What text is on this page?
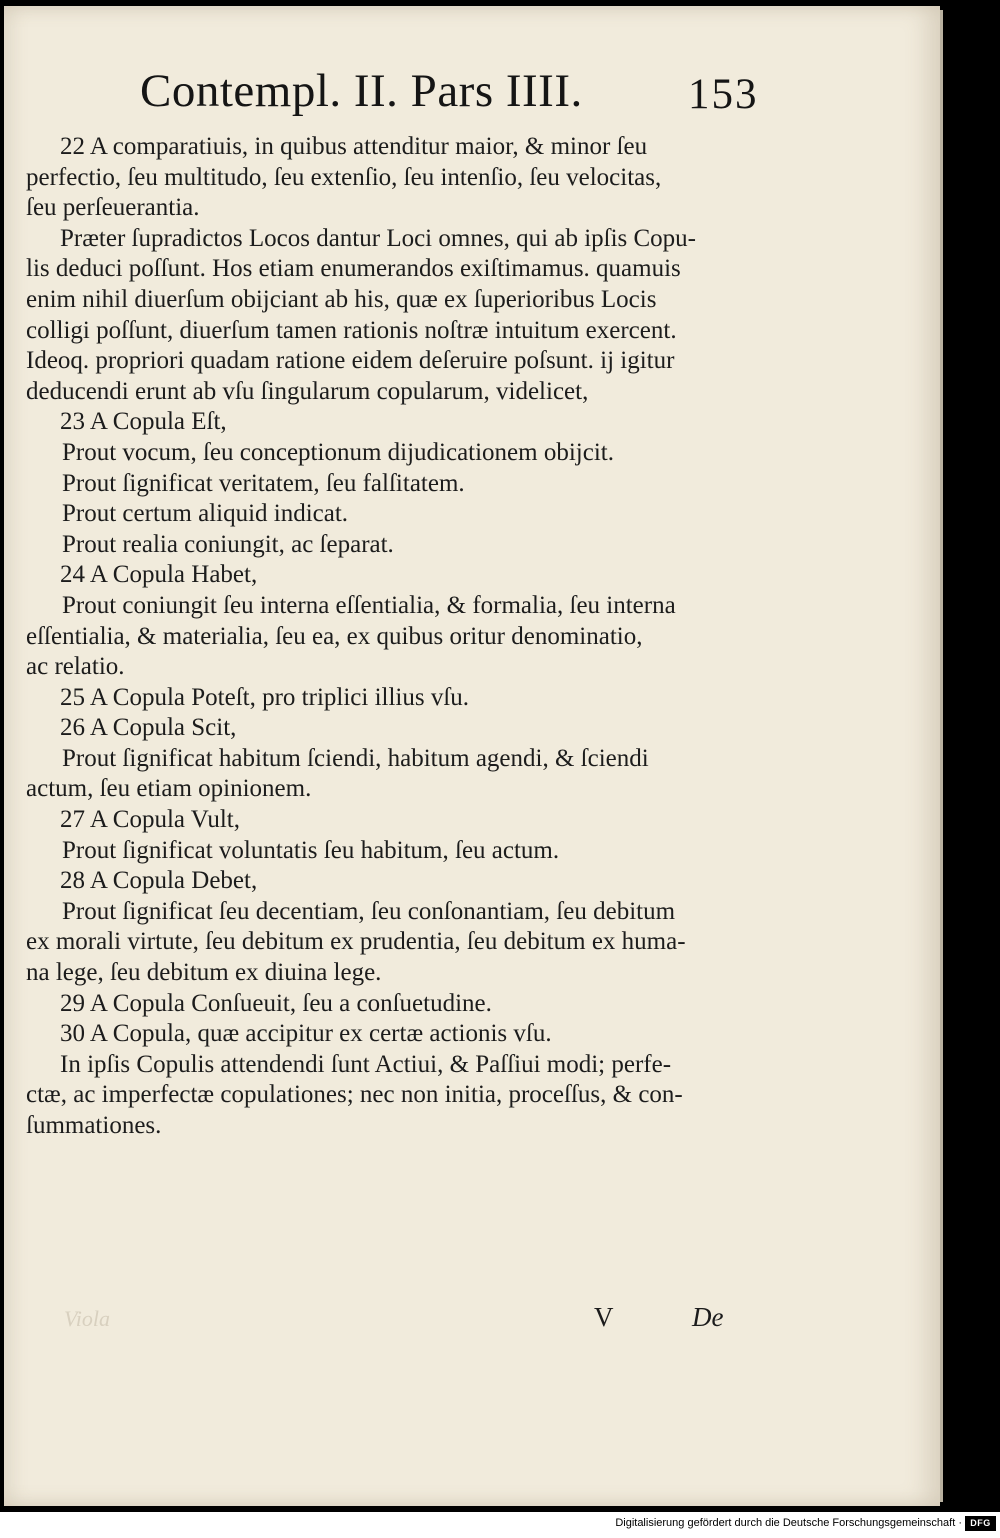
Contempl. II. Pars IIII. 153
22 A comparatiuis, in quibus attenditur maior, & minor ſeu
perfectio, ſeu multitudo, ſeu extenſio, ſeu intenſio, ſeu velocitas,
ſeu perſeuerantia.
Præter ſupradictos Locos dantur Loci omnes, qui ab ipſis Copu-
lis deduci poſſunt. Hos etiam enumerandos exiſtimamus. quamuis
enim nihil diuerſum obijciant ab his, quæ ex ſuperioribus Locis
colligi poſſunt, diuerſum tamen rationis noſtræ intuitum exercent.
Ideoq. propriori quadam ratione eidem deſeruire poſsunt. ij igitur
deducendi erunt ab vſu ſingularum copularum, videlicet,
23 A Copula Eſt,
Prout vocum, ſeu conceptionum dijudicationem obijcit.
Prout ſignificat veritatem, ſeu falſitatem.
Prout certum aliquid indicat.
Prout realia coniungit, ac ſeparat.
24 A Copula Habet,
Prout coniungit ſeu interna eſſentialia, & formalia, ſeu interna
eſſentialia, & materialia, ſeu ea, ex quibus oritur denominatio,
ac relatio.
25 A Copula Poteſt, pro triplici illius vſu.
26 A Copula Scit,
Prout ſignificat habitum ſciendi, habitum agendi, & ſciendi
actum, ſeu etiam opinionem.
27 A Copula Vult,
Prout ſignificat voluntatis ſeu habitum, ſeu actum.
28 A Copula Debet,
Prout ſignificat ſeu decentiam, ſeu conſonantiam, ſeu debitum
ex morali virtute, ſeu debitum ex prudentia, ſeu debitum ex huma-
na lege, ſeu debitum ex diuina lege.
29 A Copula Conſueuit, ſeu a conſuetudine.
30 A Copula, quæ accipitur ex certæ actionis vſu.
In ipſis Copulis attendendi ſunt Actiui, & Paſſiui modi; perfe-
ctæ, ac imperfectæ copulationes; nec non initia, proceſſus, & con-
ſummationes.
Viola	V	De
Digitalisierung gefördert durch die Deutsche Forschungsgemeinschaft · DFG
